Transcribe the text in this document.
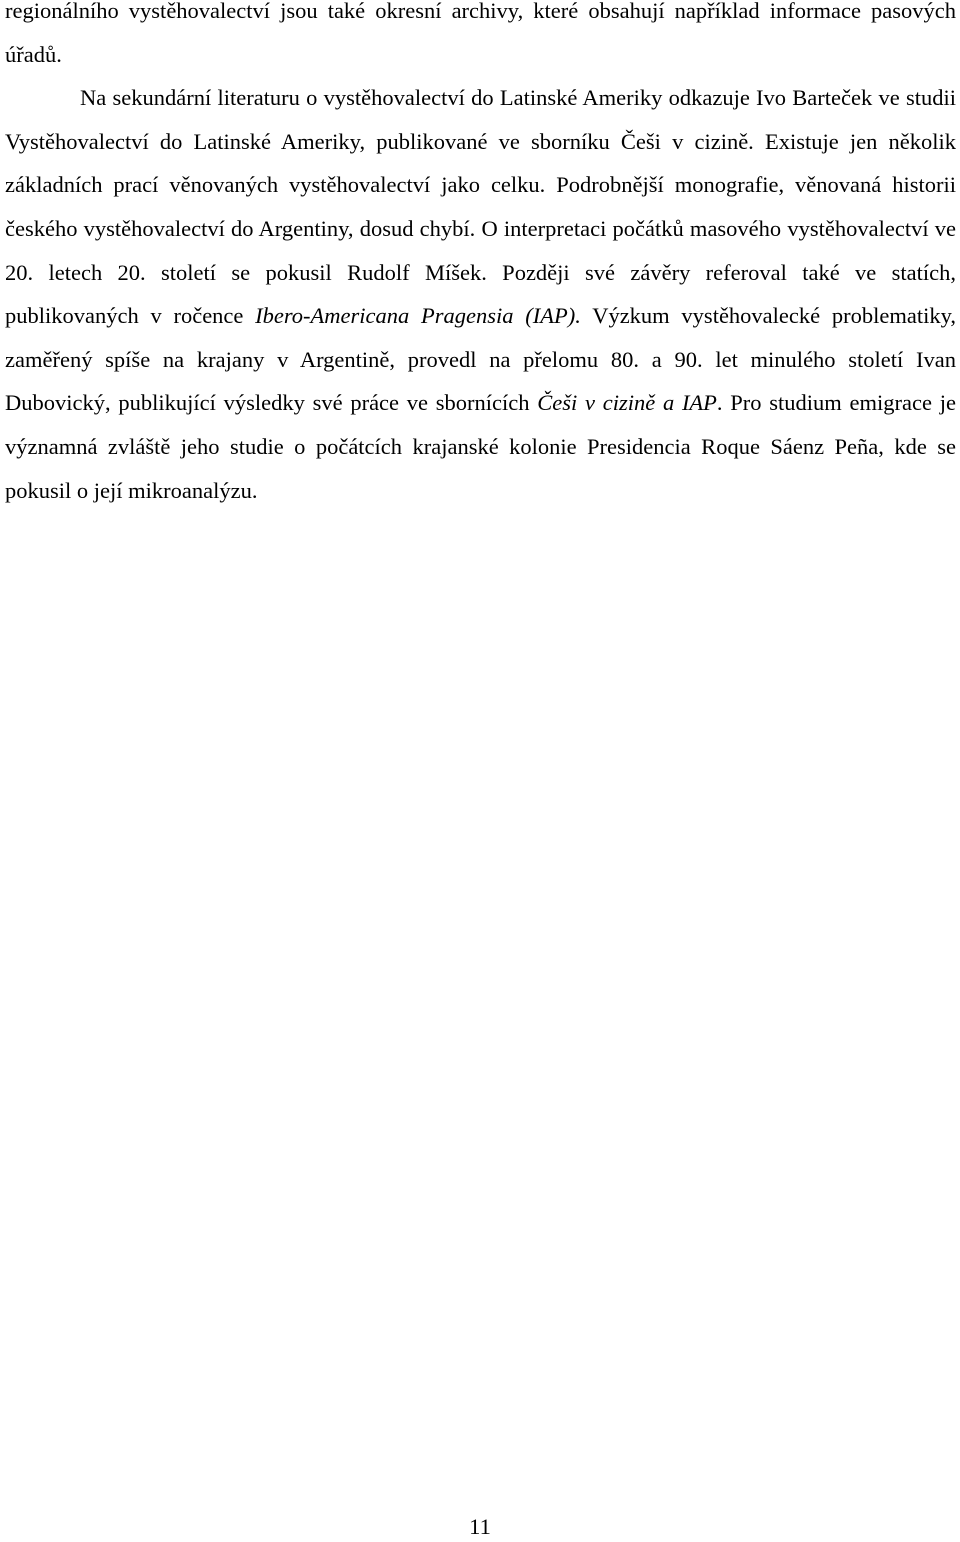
regionálního vystěhovalectví jsou také okresní archivy, které obsahují například informace pasových úřadů.

Na sekundární literaturu o vystěhovalectví do Latinské Ameriky odkazuje Ivo Barteček ve studii Vystěhovalectví do Latinské Ameriky, publikované ve sborníku Češi v cizině. Existuje jen několik základních prací věnovaných vystěhovalectví jako celku. Podrobnější monografie, věnovaná historii českého vystěhovalectví do Argentiny, dosud chybí. O interpretaci počátků masového vystěhovalectví ve 20. letech 20. století se pokusil Rudolf Míšek. Později své závěry referoval také ve statích, publikovaných v ročence Ibero-Americana Pragensia (IAP). Výzkum vystěhovalecké problematiky, zaměřený spíše na krajany v Argentině, provedl na přelomu 80. a 90. let minulého století Ivan Dubovický, publikující výsledky své práce ve sbornících Češi v cizině a IAP. Pro studium emigrace je významná zvláště jeho studie o počátcích krajanské kolonie Presidencia Roque Sáenz Peña, kde se pokusil o její mikroanalýzu.

11
